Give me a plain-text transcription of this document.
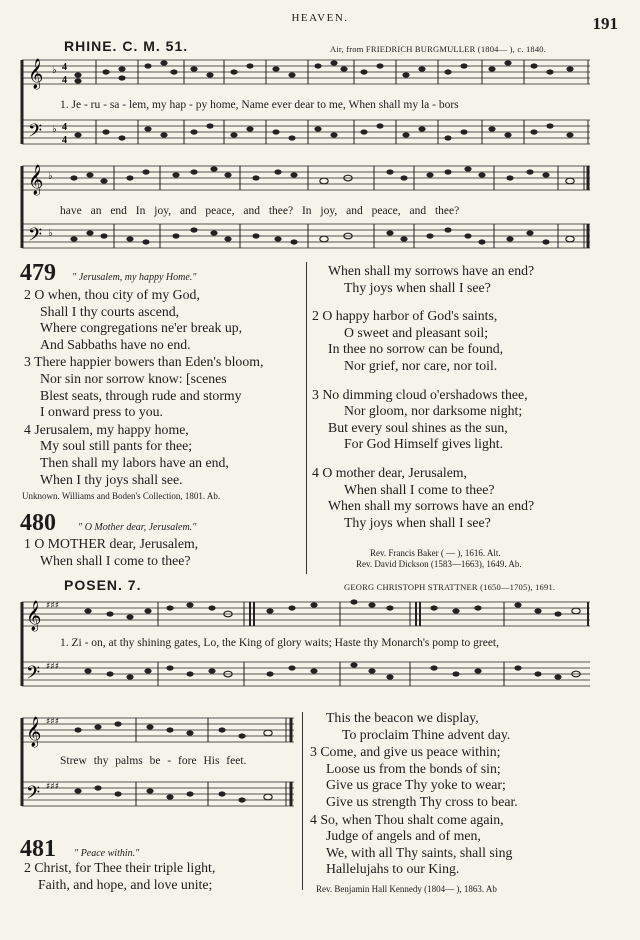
HEAVEN.	191
RHINE. C. M. 51.	Air, from FRIEDRICH BURGMULLER (1804— ), c. 1840.
𝄞
𝄢
♭
♭
4
4
4
4
1. Je - ru - sa - lem, my hap - py home, Name ever dear to me, When shall my la - bors
𝄞
𝄢
♭
♭
have an end In joy, and peace, and thee? In joy, and peace, and thee?
479 " Jerusalem, my happy Home."
2 O when, thou city of my God,
Shall I thy courts ascend,
Where congregations ne'er break up,
And Sabbaths have no end.
3 There happier bowers than Eden's bloom,
Nor sin nor sorrow know: [scenes
Blest seats, through rude and stormy
I onward press to you.
4 Jerusalem, my happy home,
My soul still pants for thee;
Then shall my labors have an end,
When I thy joys shall see.
Unknown. Williams and Boden's Collection, 1801. Ab.
480 " O Mother dear, Jerusalem."
1 O MOTHER dear, Jerusalem,
When shall I come to thee?
When shall my sorrows have an end?
Thy joys when shall I see?
2 O happy harbor of God's saints,
O sweet and pleasant soil;
In thee no sorrow can be found,
Nor grief, nor care, nor toil.
3 No dimming cloud o'ershadows thee,
Nor gloom, nor darksome night;
But every soul shines as the sun,
For God Himself gives light.
4 O mother dear, Jerusalem,
When shall I come to thee?
When shall my sorrows have an end?
Thy joys when shall I see?
Rev. Francis Baker ( — ), 1616. Alt.
Rev. David Dickson (1583—1663), 1649. Ab.
POSEN. 7.	GEORG CHRISTOPH STRATTNER (1650—1705), 1691.
𝄞
𝄢
♯♯♯
♯♯♯
1. Zi - on, at thy shining gates, Lo, the King of glory waits; Haste thy Monarch's pomp to greet,
𝄞
𝄢
♯♯♯
♯♯♯
Strew thy palms be - fore His feet.
481 " Peace within."
2 Christ, for Thee their triple light,
Faith, and hope, and love unite;
This the beacon we display,
To proclaim Thine advent day.
3 Come, and give us peace within;
Loose us from the bonds of sin;
Give us grace Thy yoke to wear;
Give us strength Thy cross to bear.
4 So, when Thou shalt come again,
Judge of angels and of men,
We, with all Thy saints, shall sing
Hallelujahs to our King.
Rev. Benjamin Hall Kennedy (1804— ), 1863. Ab
